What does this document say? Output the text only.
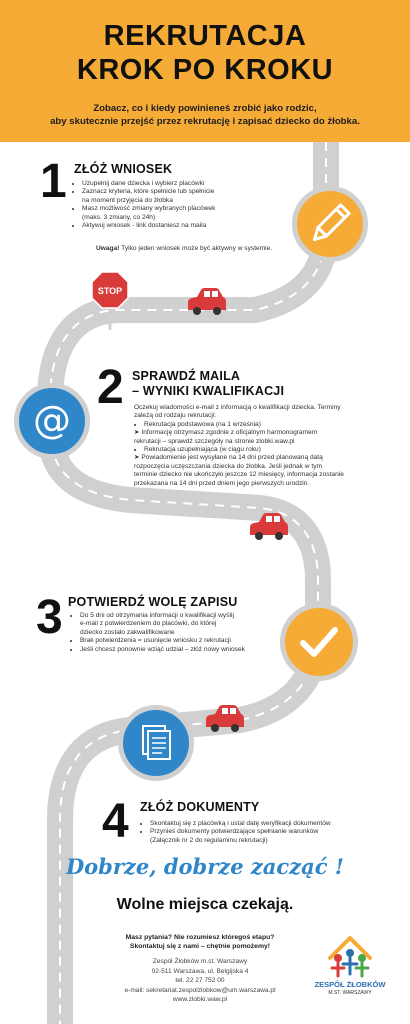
REKRUTACJA
KROK PO KROKU
Zobacz, co i kiedy powinieneś zrobić jako rodzic,
aby skutecznie przejść przez rekrutację i zapisać dziecko do żłobka.
STOP
1 ZŁÓŻ WNIOSEK
• Uzupełnij dane dziecka i wybierz placówki
• Zaznacz kryteria, które spełnicie lub spełnicie
na moment przyjęcia do żłobka
• Masz możliwość zmiany wybranych placówek
(maks. 3 zmiany, co 24h)
• Aktywuj wniosek - link dostaniesz na maila
Uwaga! Tylko jeden wniosek może być aktywny w systemie.
@
2 SPRAWDŹ MAILA
– WYNIKI KWALIFIKACJI

Oczekuj wiadomości e-mail z informacją o kwalifikacji dziecka. Terminy

zależą od rodzaju rekrutacji:

• Rekrutacja podstawowa (na 1 września)

➤ Informację otrzymasz zgodnie z oficjalnym harmonogramem

rekrutacji – sprawdź szczegóły na stronie zlobki.waw.pl

• Rekrutacja uzupełniająca (w ciągu roku)

➤ Powiadomienie jest wysyłane na 14 dni przed planowaną datą

rozpoczęcia uczęszczania dziecka do żłobka. Jeśli jednak w tym

terminie dziecko nie ukończyło jeszcze 12 miesięcy, informacja zostanie

przekazana na 14 dni przed dniem jego pierwszych urodzin.

3 POTWIERDŹ WOLĘ ZAPISU
• Do 5 dni od otrzymania informacji o kwalifikacji wyślij
e-mail z potwierdzeniem do placówki, do której
dziecko zostało zakwalifikowane
• Brak potwierdzenia = usunięcie wniosku z rekrutacji
• Jeśli chcesz ponownie wziąć udział – złóż nowy wniosek
4 ZŁÓŻ DOKUMENTY
• Skontaktuj się z placówką i ustal datę weryfikacji dokumentów
• Przynieś dokumenty potwierdzające spełnianie warunków
(Załącznik nr 2 do regulaminu rekrutacji)
Dobrze, dobrze zacząć !
Wolne miejsca czekają.
Masz pytania? Nie rozumiesz któregoś etapu?
Skontaktuj się z nami – chętnie pomożemy!
Zespół Żłobków m.st. Warszawy
02-511 Warszawa, ul. Belgijska 4
tel. 22 27 752 00
e-mail: sekretariat.zespolzlobkow@um.warszawa.pl
www.zlobki.waw.pl
ZESPÓŁ ŻŁOBKÓW
M.ST. WARSZAWY
